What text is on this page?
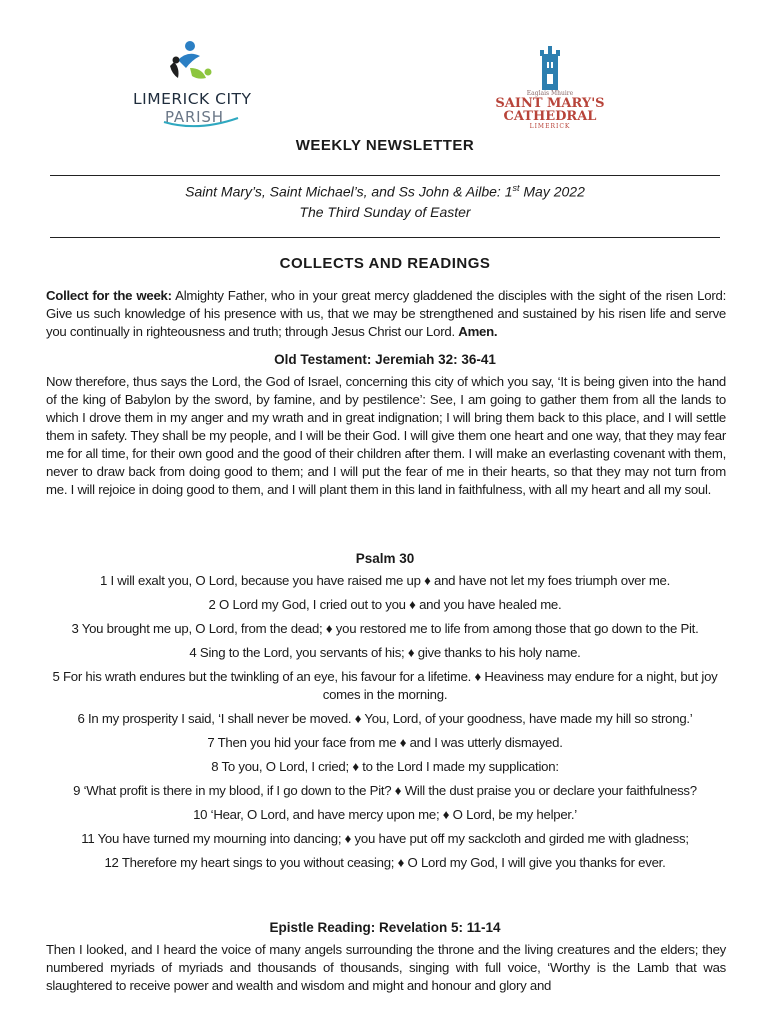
LIMERICK CITY
PARISH
Eaglais Mhuire
SAINT MARY'S
CATHEDRAL
LIMERICK
WEEKLY NEWSLETTER
Saint Mary’s, Saint Michael’s, and Ss John & Ailbe: 1st May 2022
The Third Sunday of Easter
COLLECTS AND READINGS
Collect for the week: Almighty Father, who in your great mercy gladdened the disciples with the sight of the risen Lord: Give us such knowledge of his presence with us, that we may be strengthened and sustained by his risen life and serve you continually in righteousness and truth; through Jesus Christ our Lord. Amen.
Old Testament: Jeremiah 32: 36-41
Now therefore, thus says the Lord, the God of Israel, concerning this city of which you say, ‘It is being given into the hand of the king of Babylon by the sword, by famine, and by pestilence’: See, I am going to gather them from all the lands to which I drove them in my anger and my wrath and in great indignation; I will bring them back to this place, and I will settle them in safety. They shall be my people, and I will be their God. I will give them one heart and one way, that they may fear me for all time, for their own good and the good of their children after them. I will make an everlasting covenant with them, never to draw back from doing good to them; and I will put the fear of me in their hearts, so that they may not turn from me. I will rejoice in doing good to them, and I will plant them in this land in faithfulness, with all my heart and all my soul.
Psalm 30
1 I will exalt you, O Lord, because you have raised me up ♦ and have not let my foes triumph over me.
2 O Lord my God, I cried out to you ♦ and you have healed me.
3 You brought me up, O Lord, from the dead; ♦ you restored me to life from among those that go down to the Pit.
4 Sing to the Lord, you servants of his; ♦ give thanks to his holy name.
5 For his wrath endures but the twinkling of an eye, his favour for a lifetime. ♦ Heaviness may endure for a night, but joy comes in the morning.
6 In my prosperity I said, ‘I shall never be moved. ♦ You, Lord, of your goodness, have made my hill so strong.’
7 Then you hid your face from me ♦ and I was utterly dismayed.
8 To you, O Lord, I cried; ♦ to the Lord I made my supplication:
9 ‘What profit is there in my blood, if I go down to the Pit? ♦ Will the dust praise you or declare your faithfulness?
10 ‘Hear, O Lord, and have mercy upon me; ♦ O Lord, be my helper.’
11 You have turned my mourning into dancing; ♦ you have put off my sackcloth and girded me with gladness;
12 Therefore my heart sings to you without ceasing; ♦ O Lord my God, I will give you thanks for ever.
Epistle Reading: Revelation 5: 11-14
Then I looked, and I heard the voice of many angels surrounding the throne and the living creatures and the elders; they numbered myriads of myriads and thousands of thousands, singing with full voice, ‘Worthy is the Lamb that was slaughtered to receive power and wealth and wisdom and might and honour and glory and
